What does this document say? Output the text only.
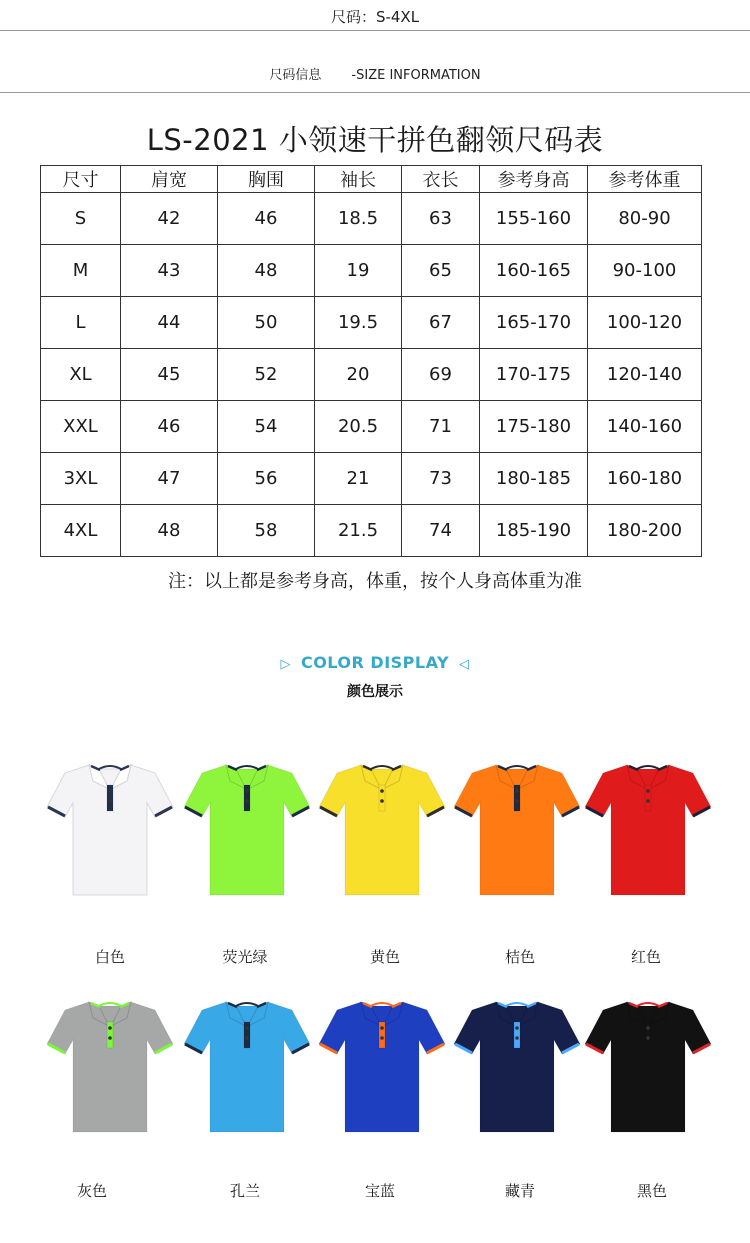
尺码：S-4XL
尺码信息 -SIZE INFORMATION
LS-2021 小领速干拼色翻领尺码表
尺寸	肩宽	胸围	袖长	衣长	参考身高	参考体重
S	42	46	18.5	63	155-160	80-90
M	43	48	19	65	160-165	90-100
L	44	50	19.5	67	165-170	100-120
XL	45	52	20	69	170-175	120-140
XXL	46	54	20.5	71	175-180	140-160
3XL	47	56	21	73	180-185	160-180
4XL	48	58	21.5	74	185-190	180-200
注：以上都是参考身高，体重，按个人身高体重为准
▷ COLOR DISPLAY ◁
颜色展示
白色	荧光绿	黄色	桔色	红色
灰色	孔兰	宝蓝	藏青	黑色
